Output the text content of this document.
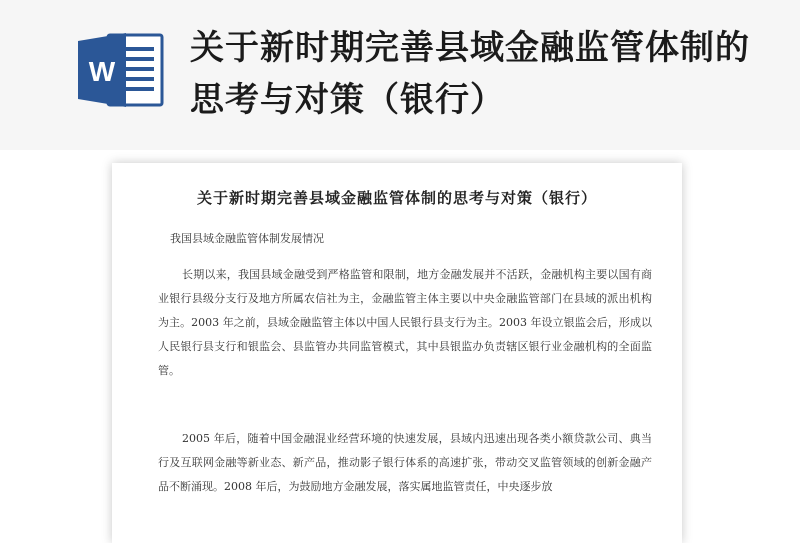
W
关于新时期完善县域金融监管体制的思考与对策（银行）
关于新时期完善县域金融监管体制的思考与对策（银行）
我国县域金融监管体制发展情况

长期以来，我国县域金融受到严格监管和限制，地方金融发展并不活跃，金融机构主要以国有商业银行县级分支行及地方所属农信社为主，金融监管主体主要以中央金融监管部门在县域的派出机构为主。2003 年之前，县域金融监管主体以中国人民银行县支行为主。2003 年设立银监会后，形成以人民银行县支行和银监会、县监管办共同监管模式，其中县银监办负责辖区银行业金融机构的全面监管。

2005 年后，随着中国金融混业经营环境的快速发展，县域内迅速出现各类小额贷款公司、典当行及互联网金融等新业态、新产品，推动影子银行体系的高速扩张，带动交叉监管领域的创新金融产品不断涌现。2008 年后，为鼓励地方金融发展，落实属地监管责任，中央逐步放
